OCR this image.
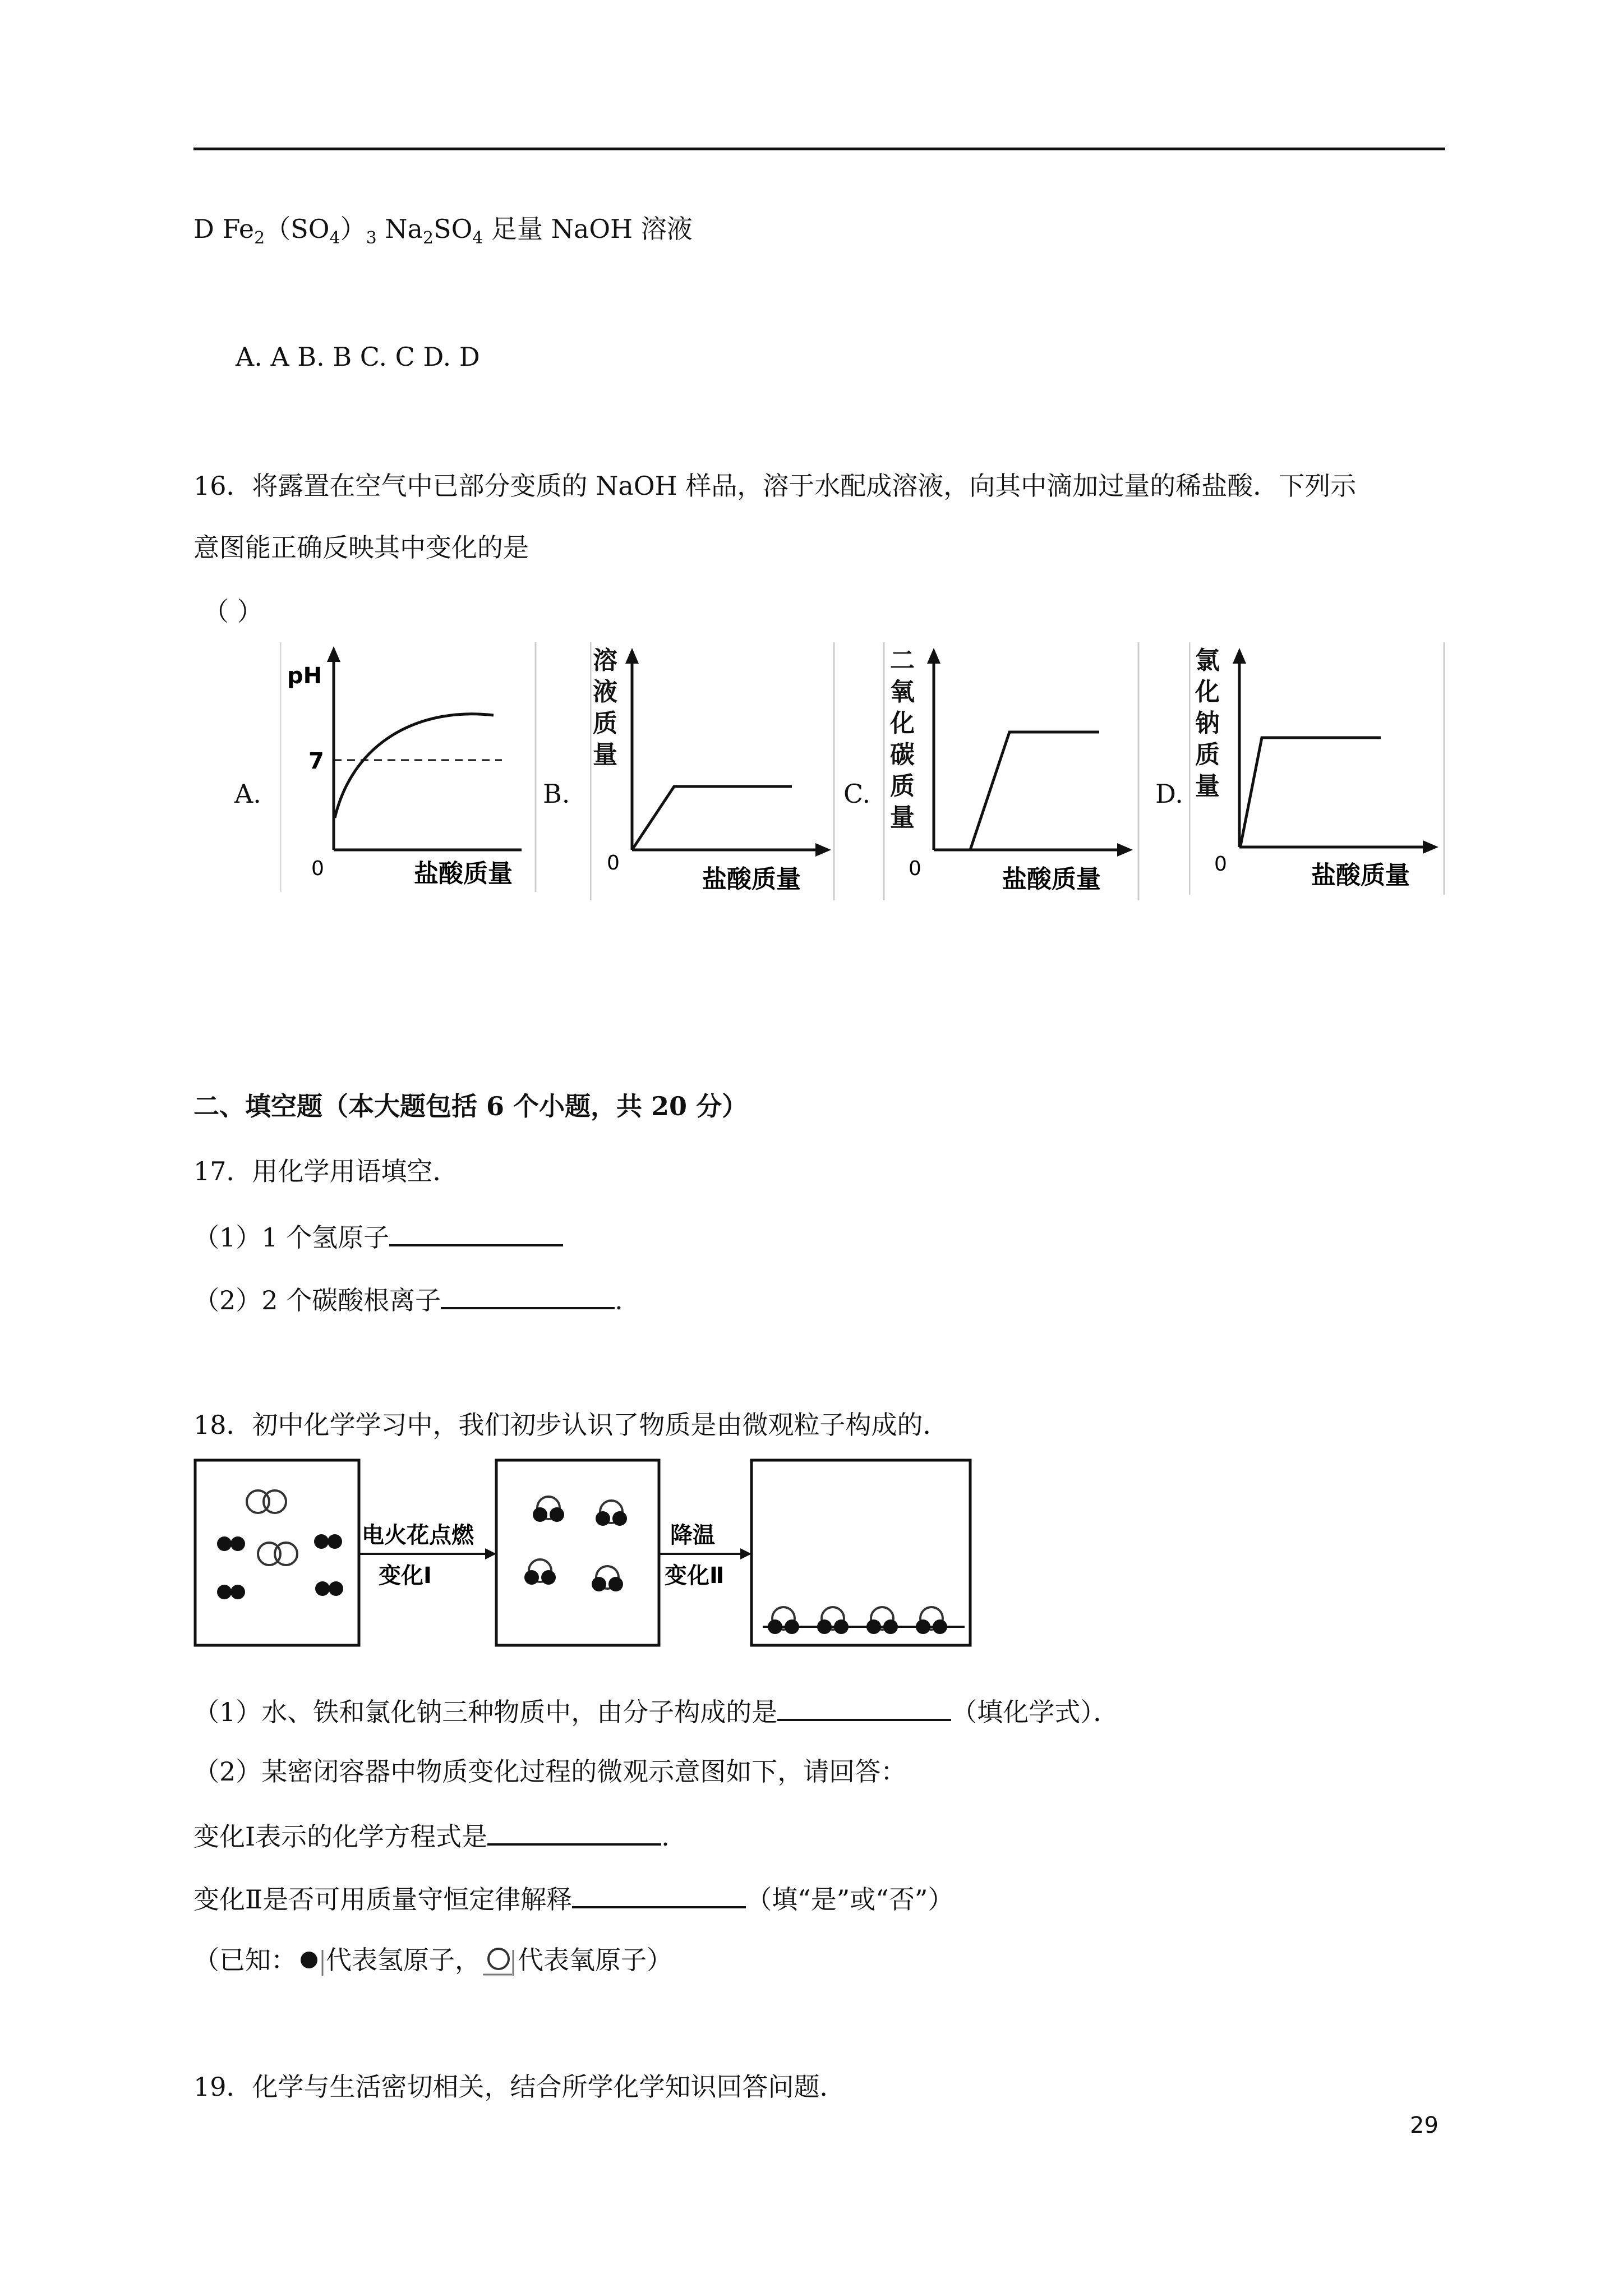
D $Fe_2(SO_4)_3$ $Na_2SO_4$ 足量 NaOH 溶液
A. A B. B C. C D. D
16．将露置在空气中已部分变质的 NaOH 样品，溶于水配成溶液，向其中滴加过量的稀盐酸．下列示
意图能正确反映其中变化的是
（ ）
A.
pH
7
0	盐酸质量
B.
0
盐酸质量
C.
0	盐酸质量
D.
0	盐酸质量
溶液质量
二氧化碳质量
氯化钠质量
二、填空题（本大题包括 6 个小题，共 20 分）
17．用化学用语填空．
（1）1 个氢原子
（2）2 个碳酸根离子	.
18．初中化学学习中，我们初步认识了物质是由微观粒子构成的．
电火花点燃
变化Ⅰ
降温
变化Ⅱ
（1）水、铁和氯化钠三种物质中，由分子构成的是	（填化学式）．
（2）某密闭容器中物质变化过程的微观示意图如下，请回答：
变化Ⅰ表示的化学方程式是	.
变化Ⅱ是否可用质量守恒定律解释	（填“是”或“否”）
（已知： 代表氢原子， 代表氧原子）
19．化学与生活密切相关，结合所学化学知识回答问题．
29
